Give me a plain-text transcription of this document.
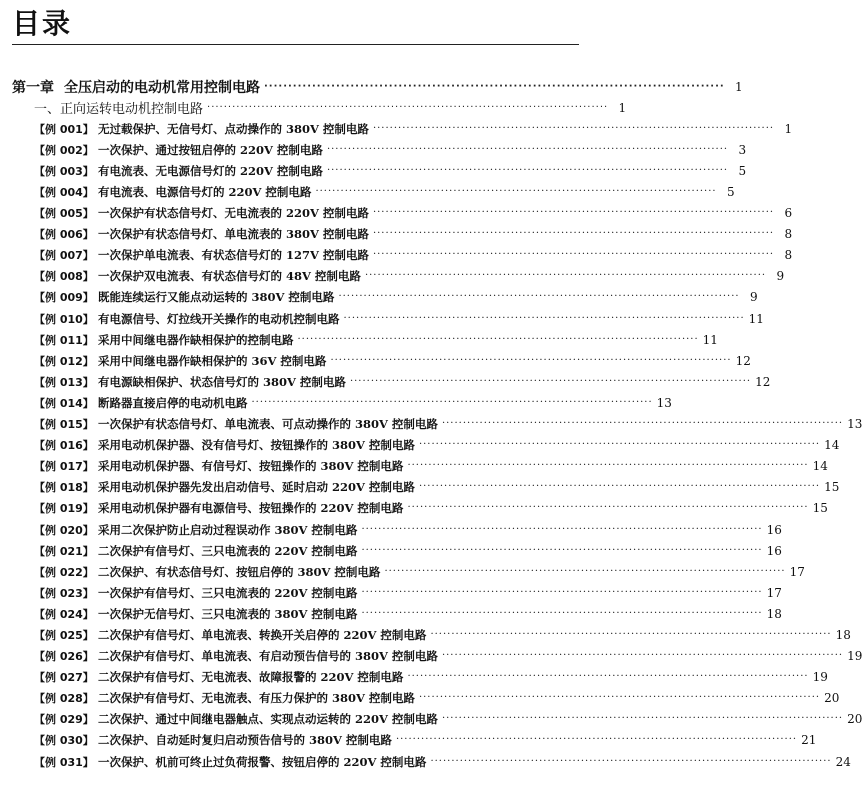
目录
第一章 全压启动的电动机常用控制电路 ································································································ 1
一、正向运转电动机控制电路 ································································································ 1
【例 001】 无过载保护、无信号灯、点动操作的 380V 控制电路 ································································································ 1
【例 002】 一次保护、通过按钮启停的 220V 控制电路 ································································································ 3
【例 003】 有电流表、无电源信号灯的 220V 控制电路 ································································································ 5
【例 004】 有电流表、电源信号灯的 220V 控制电路 ································································································ 5
【例 005】 一次保护有状态信号灯、无电流表的 220V 控制电路 ································································································ 6
【例 006】 一次保护有状态信号灯、单电流表的 380V 控制电路 ································································································ 8
【例 007】 一次保护单电流表、有状态信号灯的 127V 控制电路 ································································································ 8
【例 008】 一次保护双电流表、有状态信号灯的 48V 控制电路 ································································································ 9
【例 009】 既能连续运行又能点动运转的 380V 控制电路 ································································································ 9
【例 010】 有电源信号、灯拉线开关操作的电动机控制电路 ································································································ 11
【例 011】 采用中间继电器作缺相保护的控制电路 ································································································ 11
【例 012】 采用中间继电器作缺相保护的 36V 控制电路 ································································································ 12
【例 013】 有电源缺相保护、状态信号灯的 380V 控制电路 ································································································ 12
【例 014】 断路器直接启停的电动机电路 ································································································ 13
【例 015】 一次保护有状态信号灯、单电流表、可点动操作的 380V 控制电路 ································································································ 13
【例 016】 采用电动机保护器、没有信号灯、按钮操作的 380V 控制电路 ································································································ 14
【例 017】 采用电动机保护器、有信号灯、按钮操作的 380V 控制电路 ································································································ 14
【例 018】 采用电动机保护器先发出启动信号、延时启动 220V 控制电路 ································································································ 15
【例 019】 采用电动机保护器有电源信号、按钮操作的 220V 控制电路 ································································································ 15
【例 020】 采用二次保护防止启动过程误动作 380V 控制电路 ································································································ 16
【例 021】 二次保护有信号灯、三只电流表的 220V 控制电路 ································································································ 16
【例 022】 二次保护、有状态信号灯、按钮启停的 380V 控制电路 ································································································ 17
【例 023】 一次保护有信号灯、三只电流表的 220V 控制电路 ································································································ 17
【例 024】 一次保护无信号灯、三只电流表的 380V 控制电路 ································································································ 18
【例 025】 二次保护有信号灯、单电流表、转换开关启停的 220V 控制电路 ································································································ 18
【例 026】 二次保护有信号灯、单电流表、有启动预告信号的 380V 控制电路 ································································································ 19
【例 027】 二次保护有信号灯、无电流表、故障报警的 220V 控制电路 ································································································ 19
【例 028】 二次保护有信号灯、无电流表、有压力保护的 380V 控制电路 ································································································ 20
【例 029】 二次保护、通过中间继电器触点、实现点动运转的 220V 控制电路 ································································································ 20
【例 030】 二次保护、自动延时复归启动预告信号的 380V 控制电路 ································································································ 21
【例 031】 一次保护、机前可终止过负荷报警、按钮启停的 220V 控制电路 ································································································ 24
